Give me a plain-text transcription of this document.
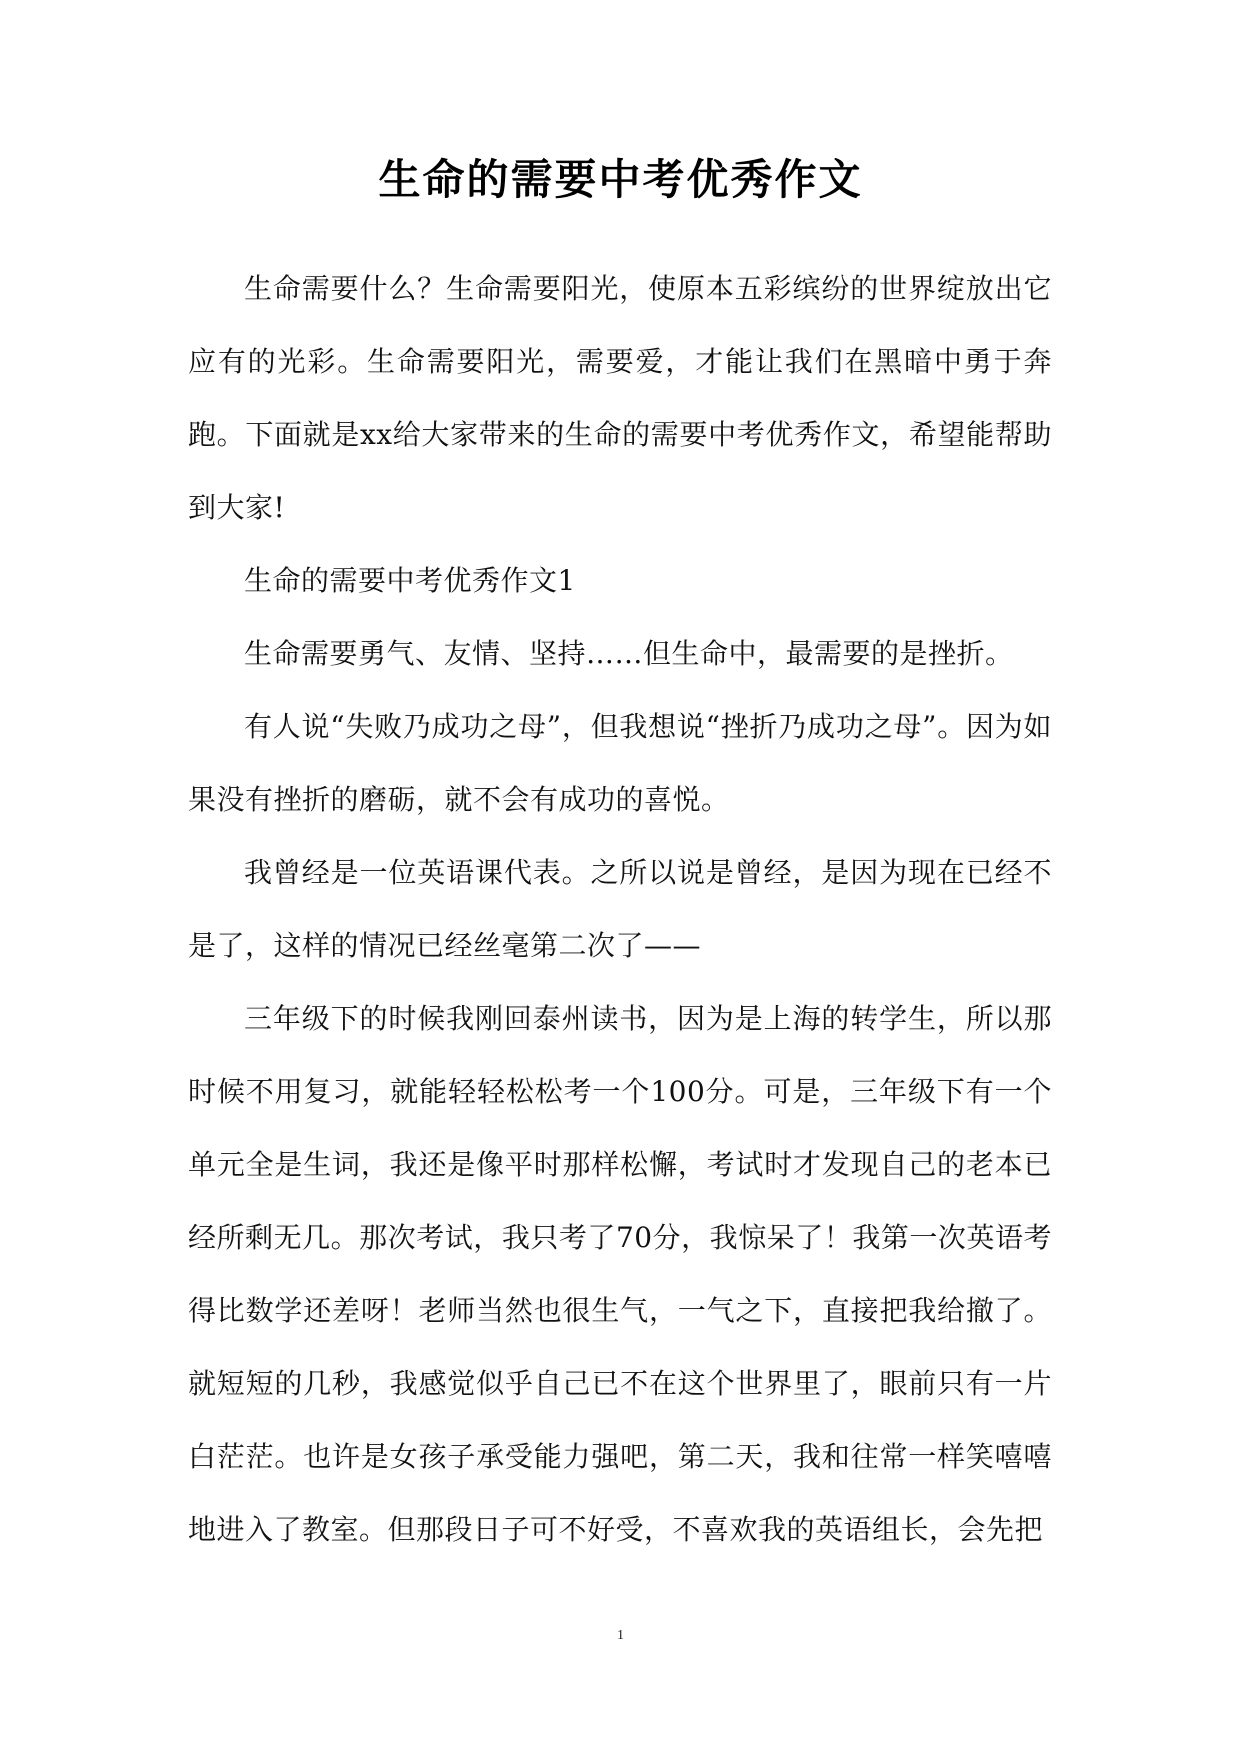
生命的需要中考优秀作文

生命需要什么？生命需要阳光，使原本五彩缤纷的世界绽放出它应有的光彩。生命需要阳光，需要爱，才能让我们在黑暗中勇于奔跑。下面就是xx给大家带来的生命的需要中考优秀作文，希望能帮助到大家!

生命的需要中考优秀作文1

生命需要勇气、友情、坚持……但生命中，最需要的是挫折。

有人说“失败乃成功之母”，但我想说“挫折乃成功之母”。因为如果没有挫折的磨砺，就不会有成功的喜悦。

我曾经是一位英语课代表。之所以说是曾经，是因为现在已经不是了，这样的情况已经丝毫第二次了——

三年级下的时候我刚回泰州读书，因为是上海的转学生，所以那时候不用复习，就能轻轻松松考一个100分。可是，三年级下有一个单元全是生词，我还是像平时那样松懈，考试时才发现自己的老本已经所剩无几。那次考试，我只考了70分，我惊呆了！我第一次英语考得比数学还差呀！老师当然也很生气，一气之下，直接把我给撤了。就短短的几秒，我感觉似乎自己已不在这个世界里了，眼前只有一片白茫茫。也许是女孩子承受能力强吧，第二天，我和往常一样笑嘻嘻地进入了教室。但那段日子可不好受，不喜欢我的英语组长，会先把

1
